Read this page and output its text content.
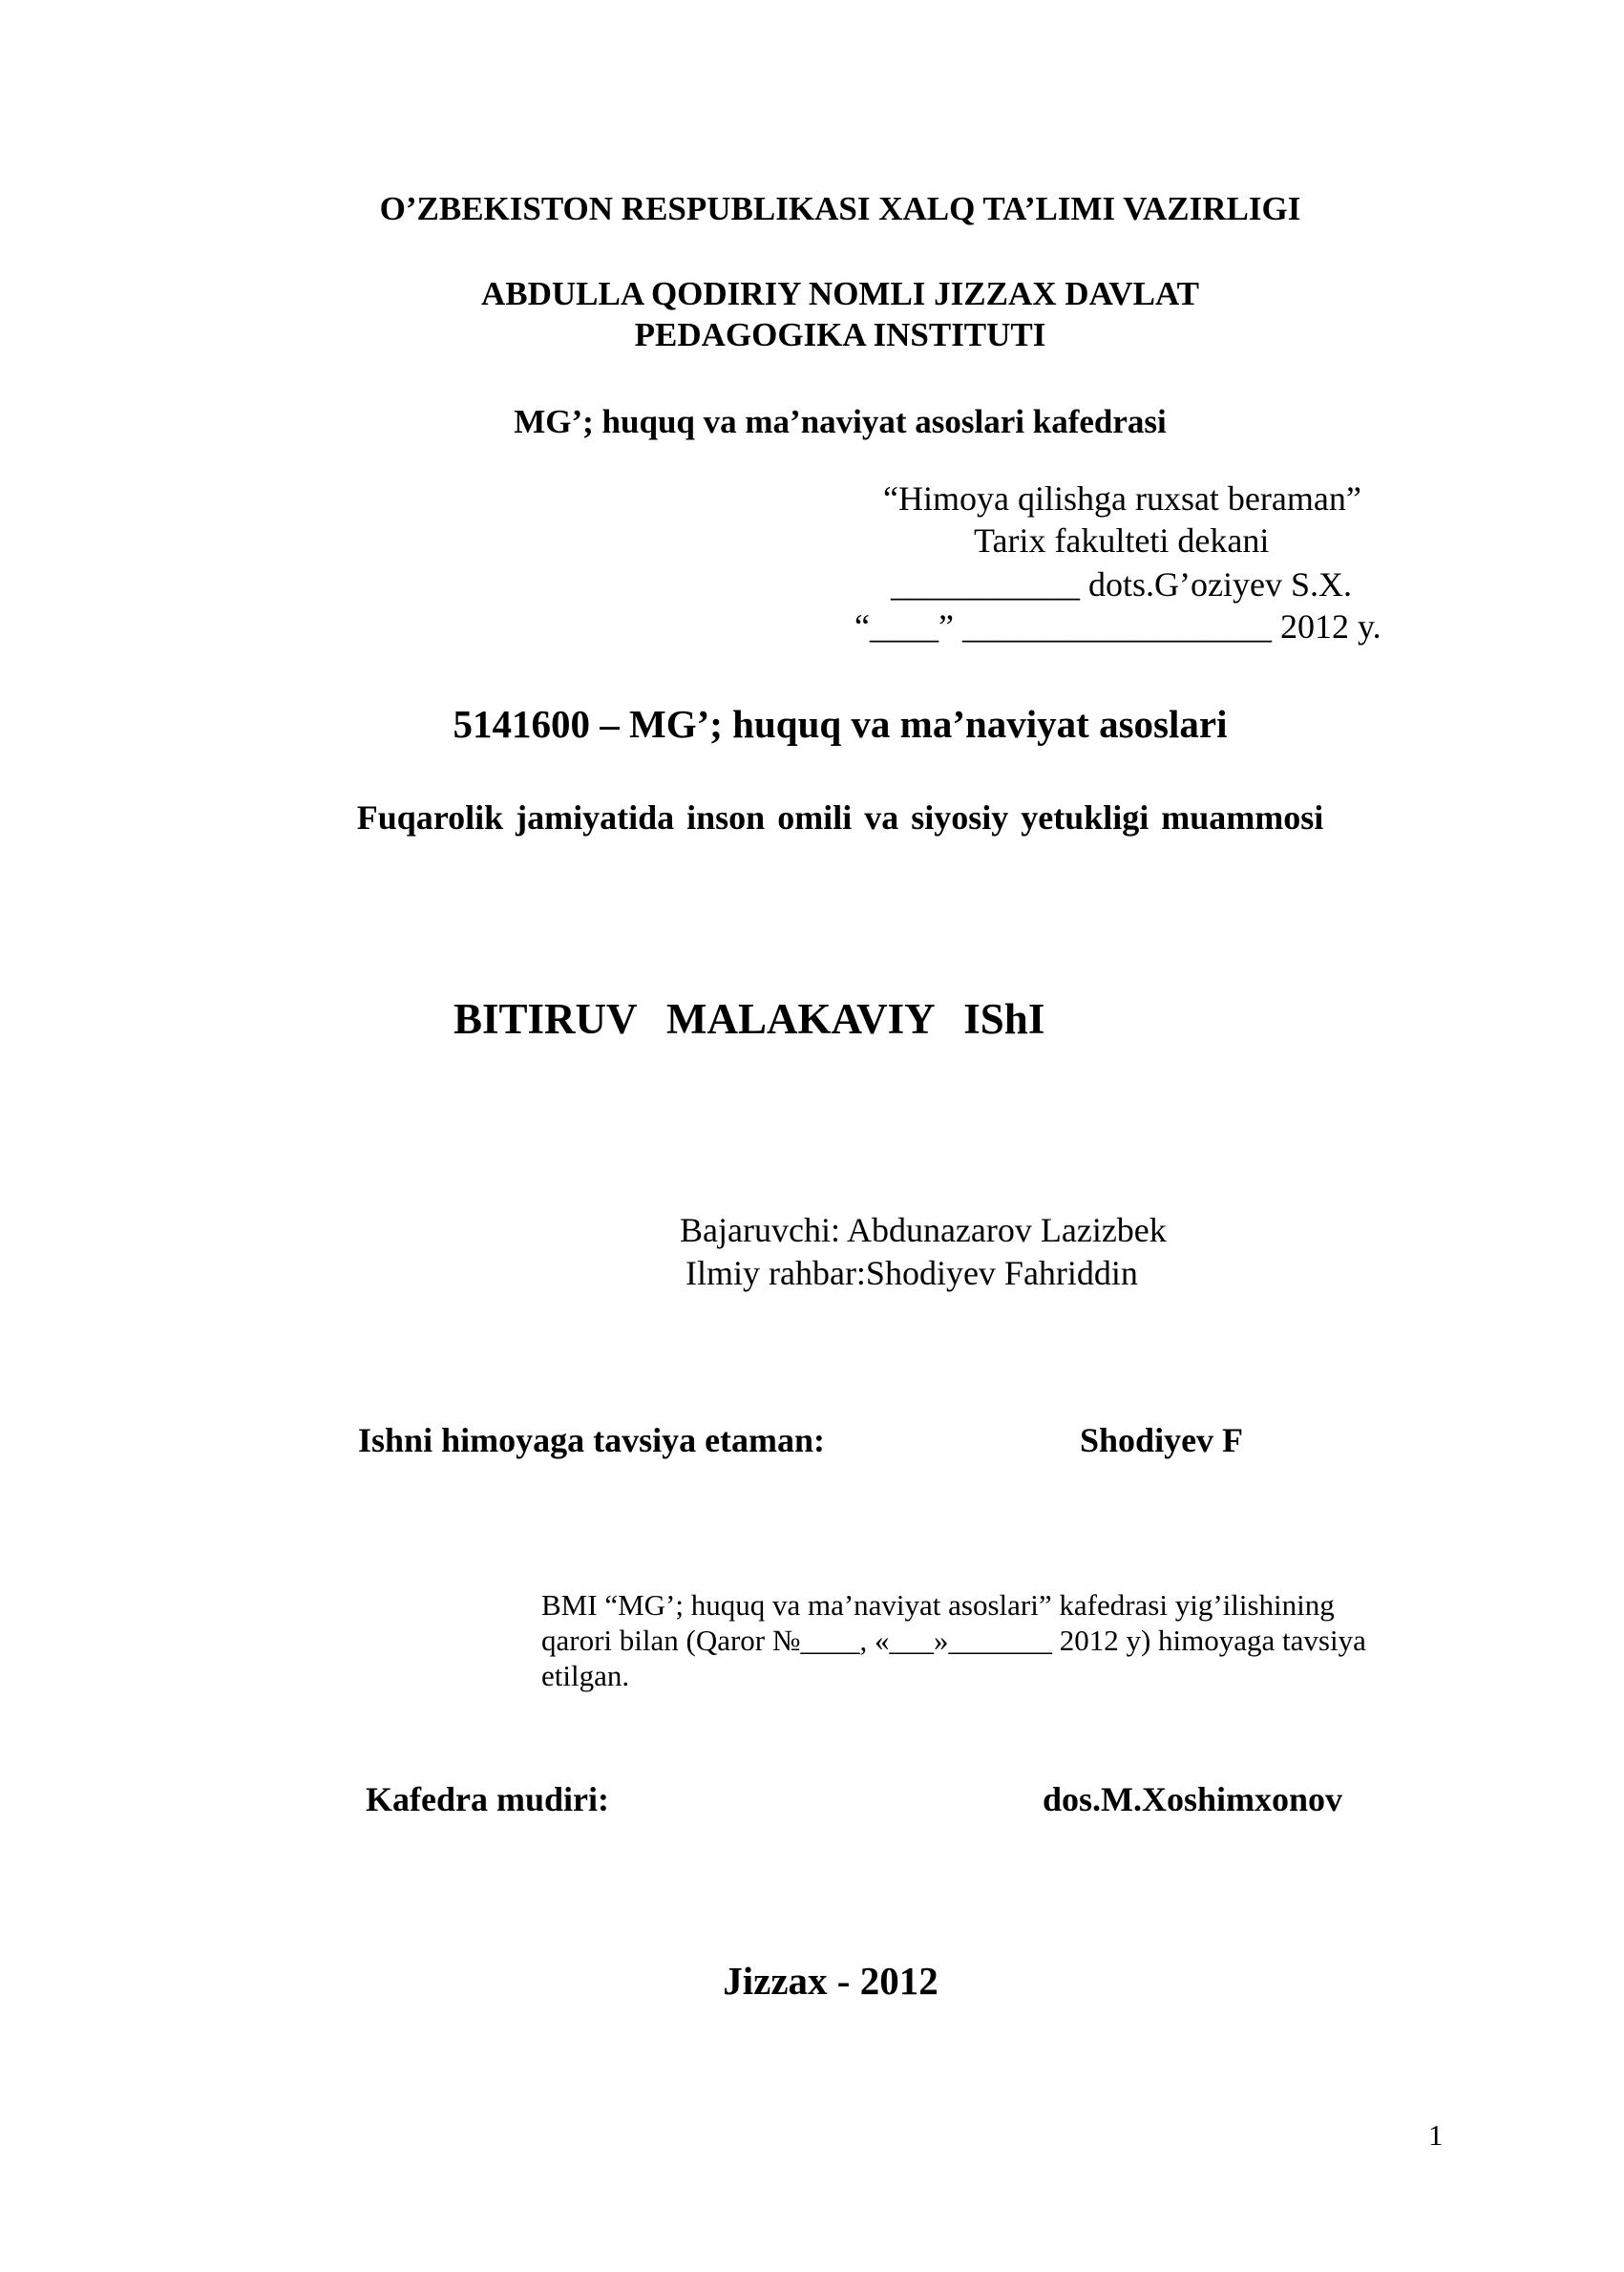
O’ZBEKISTON RESPUBLIKASI XALQ TA’LIMI VAZIRLIGI
ABDULLA QODIRIY NOMLI JIZZAX DAVLAT
PEDAGOGIKA INSTITUTI
MG’; huquq va ma’naviyat asoslari kafedrasi
“Himoya qilishga ruxsat beraman”
Tarix fakulteti dekani
___________ dots.G’oziyev S.X.
“____” __________________ 2012 y.
5141600 – MG’; huquq va ma’naviyat asoslari
Fuqarolik jamiyatida inson omili va siyosiy yetukligi muammosi
BITIRUV MALAKAVIY IShI
Bajaruvchi: Abdunazarov Lazizbek
Ilmiy rahbar:Shodiyev Fahriddin
Ishni himoyaga tavsiya etaman:	Shodiyev F
BMI “MG’; huquq va ma’naviyat asoslari” kafedrasi yig’ilishining
qarori bilan (Qaror №____, «___»_______ 2012 y) himoyaga tavsiya
etilgan.
Kafedra mudiri:	dos.M.Xoshimxonov
Jizzax - 2012
1
